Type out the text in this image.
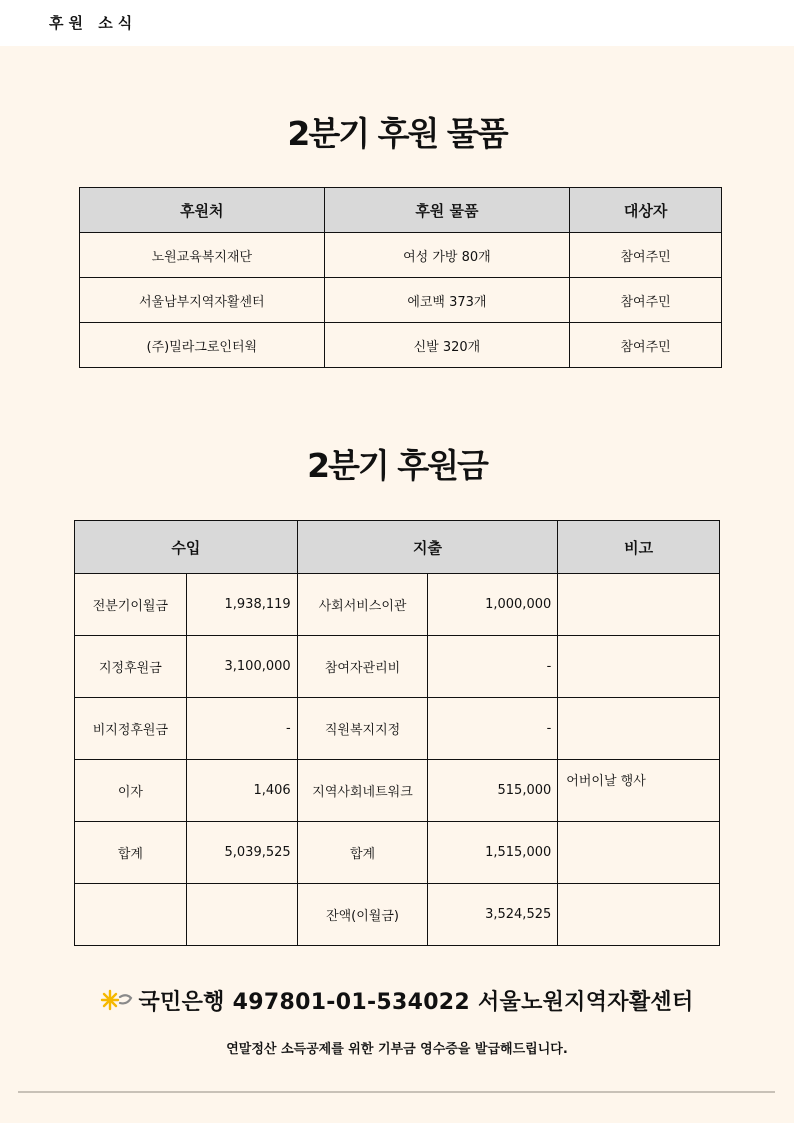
후원 소식
2분기 후원 물품
후원처	후원 물품	대상자
노원교육복지재단	여성 가방 80개	참여주민
서울남부지역자활센터	에코백 373개	참여주민
(주)밀라그로인터웍	신발 320개	참여주민
2분기 후원금
수입		지출		비고
전분기이월금	1,938,119	사회서비스이관	1,000,000	
지정후원금	3,100,000	참여자관리비	-	
비지정후원금	-	직원복지지정	-	
이자	1,406	지역사회네트워크	515,000	어버이날 행사
합계	5,039,525	합계	1,515,000	
		잔액(이월금)	3,524,525	
국민은행 497801-01-534022 서울노원지역자활센터
연말정산 소득공제를 위한 기부금 영수증을 발급해드립니다.
